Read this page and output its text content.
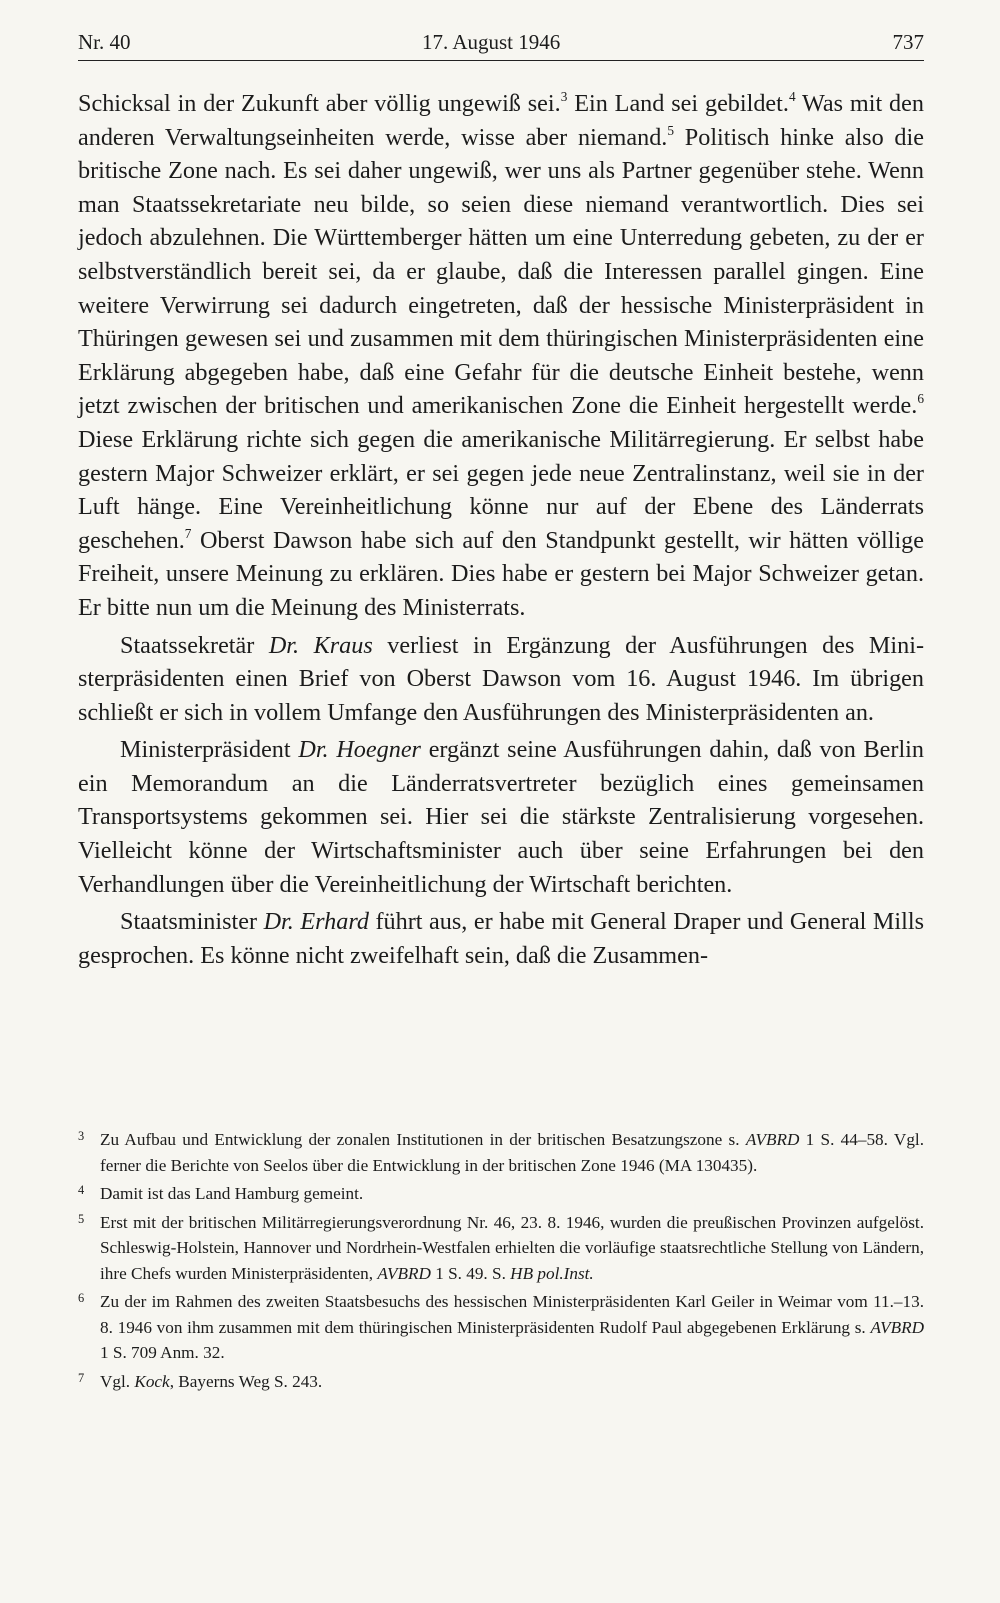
Nr. 40	17. August 1946	737

Schicksal in der Zukunft aber völlig ungewiß sei.$^3$ Ein Land sei gebildet.$^4$ Was mit den anderen Verwaltungseinheiten werde, wisse aber niemand.$^5$ Politisch hinke also die britische Zone nach. Es sei daher ungewiß, wer uns als Partner gegenüber stehe. Wenn man Staatssekretariate neu bilde, so seien diese niemand verantwortlich. Dies sei jedoch abzulehnen. Die Württemberger hätten um eine Unterredung gebeten, zu der er selbstverständlich bereit sei, da er glaube, daß die Interessen parallel gingen. Eine weitere Verwirrung sei dadurch eingetreten, daß der hessische Ministerpräsident in Thüringen gewesen sei und zusammen mit dem thüringischen Ministerpräsidenten eine Erklärung abgegeben habe, daß eine Gefahr für die deutsche Einheit bestehe, wenn jetzt zwischen der britischen und amerikanischen Zone die Einheit hergestellt werde.$^6$ Diese Erklärung richte sich gegen die amerikanische Militärregierung. Er selbst habe gestern Major Schweizer erklärt, er sei gegen jede neue Zentralinstanz, weil sie in der Luft hänge. Eine Vereinheitlichung könne nur auf der Ebene des Länderrats geschehen.$^7$ Oberst Dawson habe sich auf den Standpunkt gestellt, wir hätten völlige Freiheit, unsere Meinung zu erklären. Dies habe er gestern bei Major Schweizer getan. Er bitte nun um die Meinung des Ministerrats.

Staatssekretär Dr. Kraus verliest in Ergänzung der Ausführungen des Ministerpräsidenten einen Brief von Oberst Dawson vom 16. August 1946. Im übrigen schließt er sich in vollem Umfange den Ausführungen des Ministerpräsidenten an.

Ministerpräsident Dr. Hoegner ergänzt seine Ausführungen dahin, daß von Berlin ein Memorandum an die Länderratsvertreter bezüglich eines gemeinsamen Transportsystems gekommen sei. Hier sei die stärkste Zentralisierung vorgesehen. Vielleicht könne der Wirtschaftsminister auch über seine Erfahrungen bei den Verhandlungen über die Vereinheitlichung der Wirtschaft berichten.

Staatsminister Dr. Erhard führt aus, er habe mit General Draper und General Mills gesprochen. Es könne nicht zweifelhaft sein, daß die Zusammen-

3 Zu Aufbau und Entwicklung der zonalen Institutionen in der britischen Besatzungszone s. AVBRD 1 S. 44–58. Vgl. ferner die Berichte von Seelos über die Entwicklung in der britischen Zone 1946 (MA 130435).
4 Damit ist das Land Hamburg gemeint.
5 Erst mit der britischen Militärregierungsverordnung Nr. 46, 23. 8. 1946, wurden die preußischen Provinzen aufgelöst. Schleswig-Holstein, Hannover und Nordrhein-Westfalen erhielten die vorläufige staatsrechtliche Stellung von Ländern, ihre Chefs wurden Ministerpräsidenten, AVBRD 1 S. 49. S. HB pol.Inst.
6 Zu der im Rahmen des zweiten Staatsbesuchs des hessischen Ministerpräsidenten Karl Geiler in Weimar vom 11.–13. 8. 1946 von ihm zusammen mit dem thüringischen Ministerpräsidenten Rudolf Paul abgegebenen Erklärung s. AVBRD 1 S. 709 Anm. 32.
7 Vgl. Kock, Bayerns Weg S. 243.
